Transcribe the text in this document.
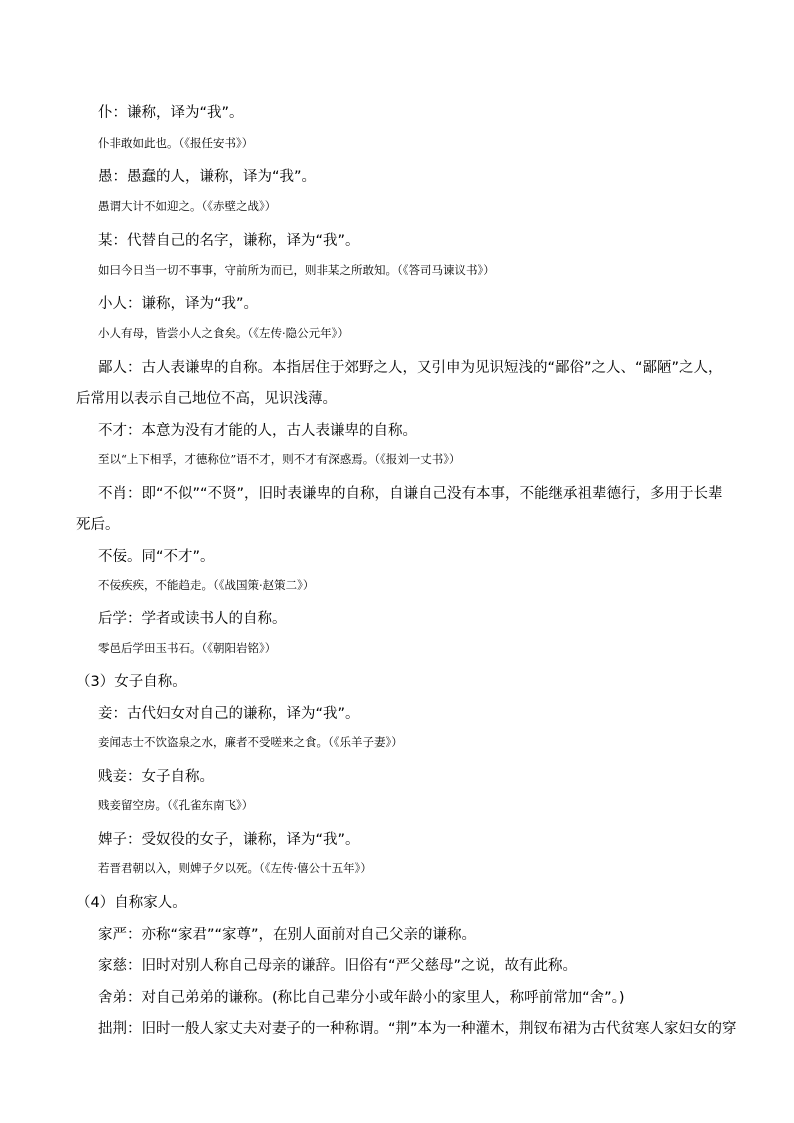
仆：谦称，译为“我”。
仆非敢如此也。（《报任安书》）
愚：愚蠢的人，谦称，译为“我”。
愚谓大计不如迎之。（《赤壁之战》）
某：代替自己的名字，谦称，译为“我”。
如曰今日当一切不事事，守前所为而已，则非某之所敢知。（《答司马谏议书》）
小人：谦称，译为“我”。
小人有母，皆尝小人之食矣。（《左传·隐公元年》）
鄙人：古人表谦卑的自称。本指居住于郊野之人，又引申为见识短浅的“鄙俗”之人、“鄙陋”之人，
后常用以表示自己地位不高，见识浅薄。
不才：本意为没有才能的人，古人表谦卑的自称。
至以“上下相孚，才德称位”语不才，则不才有深惑焉。（《报刘一丈书》）
不肖：即“不似”“不贤”，旧时表谦卑的自称，自谦自己没有本事，不能继承祖辈德行，多用于长辈
死后。
不佞。同“不才”。
不佞疾疾，不能趋走。（《战国策·赵策二》）
后学：学者或读书人的自称。
零邑后学田玉书石。（《朝阳岩铭》）
（3）女子自称。
妾：古代妇女对自己的谦称，译为“我”。
妾闻志士不饮盗泉之水，廉者不受嗟来之食。（《乐羊子妻》）
贱妾：女子自称。
贱妾留空房。（《孔雀东南飞》）
婢子：受奴役的女子，谦称，译为“我”。
若晋君朝以入，则婢子夕以死。（《左传·僖公十五年》）
（4）自称家人。
家严：亦称“家君”“家尊”，在别人面前对自己父亲的谦称。
家慈：旧时对别人称自己母亲的谦辞。旧俗有“严父慈母”之说，故有此称。
舍弟：对自己弟弟的谦称。(称比自己辈分小或年龄小的家里人，称呼前常加“舍”。)
拙荆：旧时一般人家丈夫对妻子的一种称谓。“荆”本为一种灌木，荆钗布裙为古代贫寒人家妇女的穿
